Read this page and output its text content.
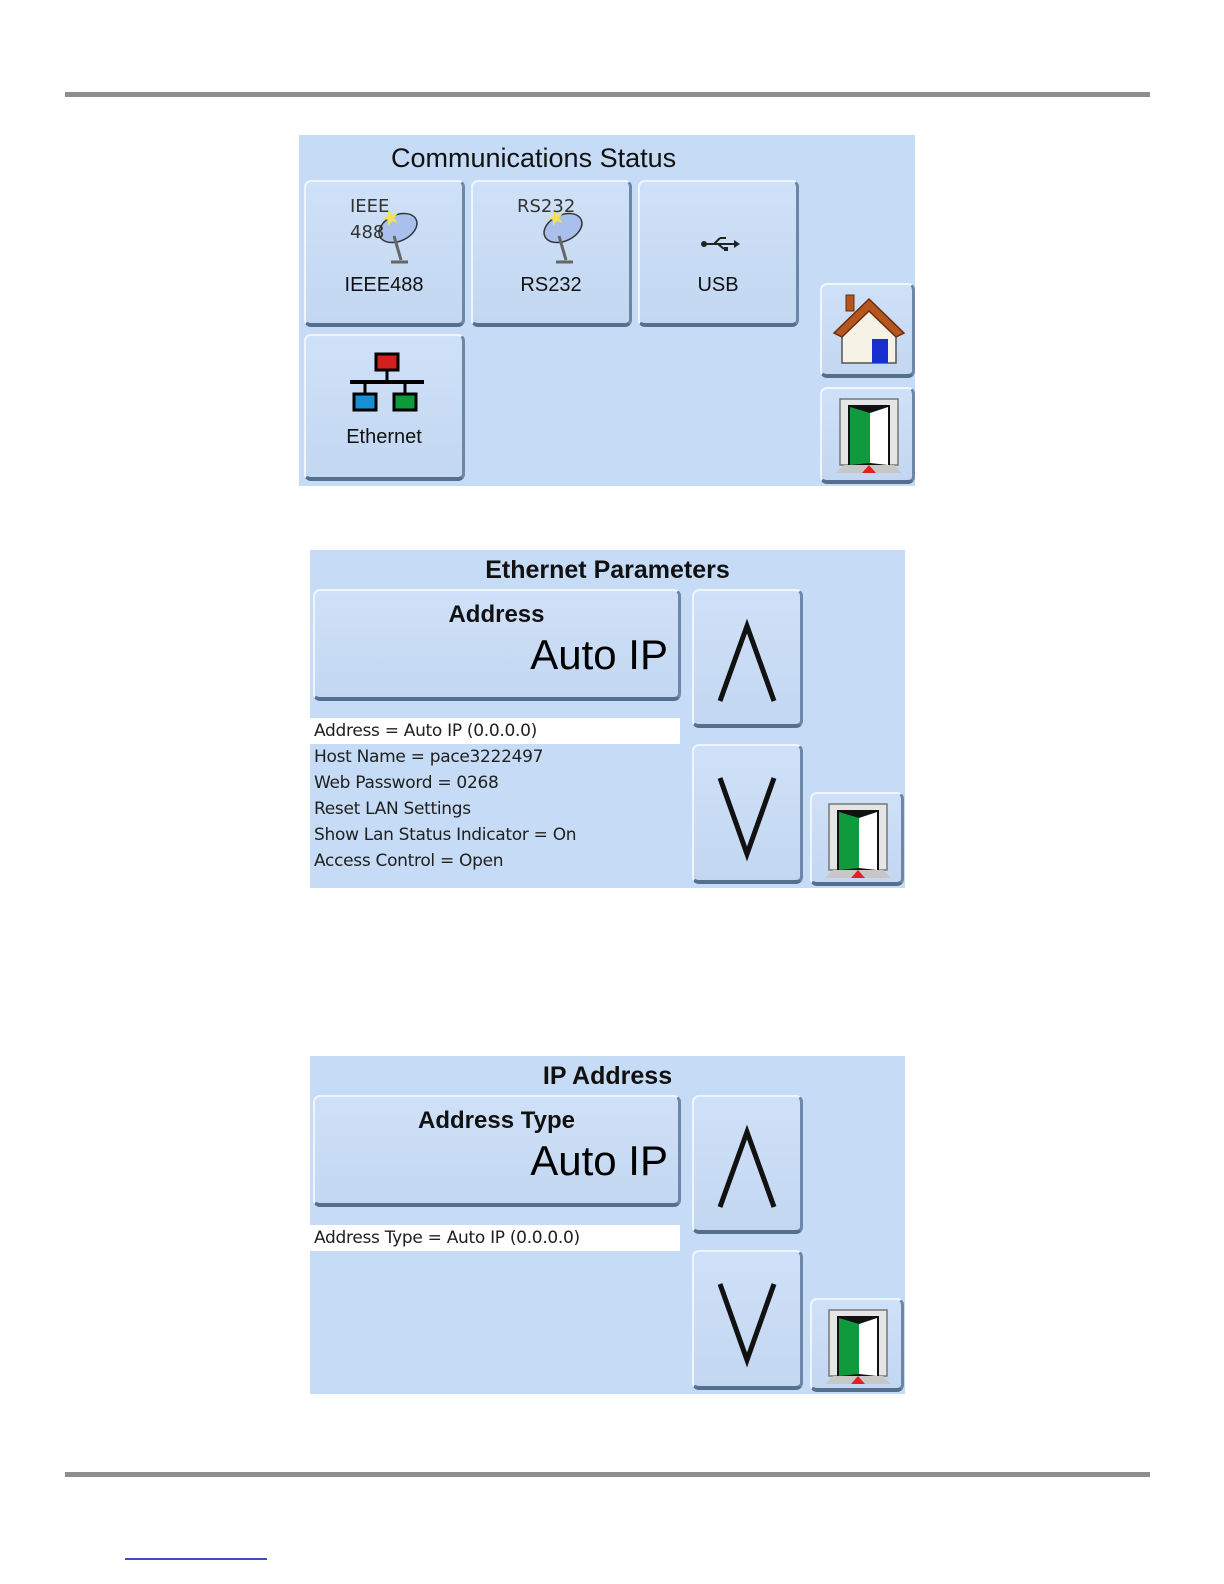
Communications Status
IEEE
488
IEEE488
RS232
RS232	USB
Ethernet
Ethernet Parameters
Address
Auto IP
Address = Auto IP (0.0.0.0)
Host Name = pace3222497
Web Password = 0268
Reset LAN Settings
Show Lan Status Indicator = On
Access Control = Open
IP Address
Address Type
Auto IP
Address Type = Auto IP (0.0.0.0)
